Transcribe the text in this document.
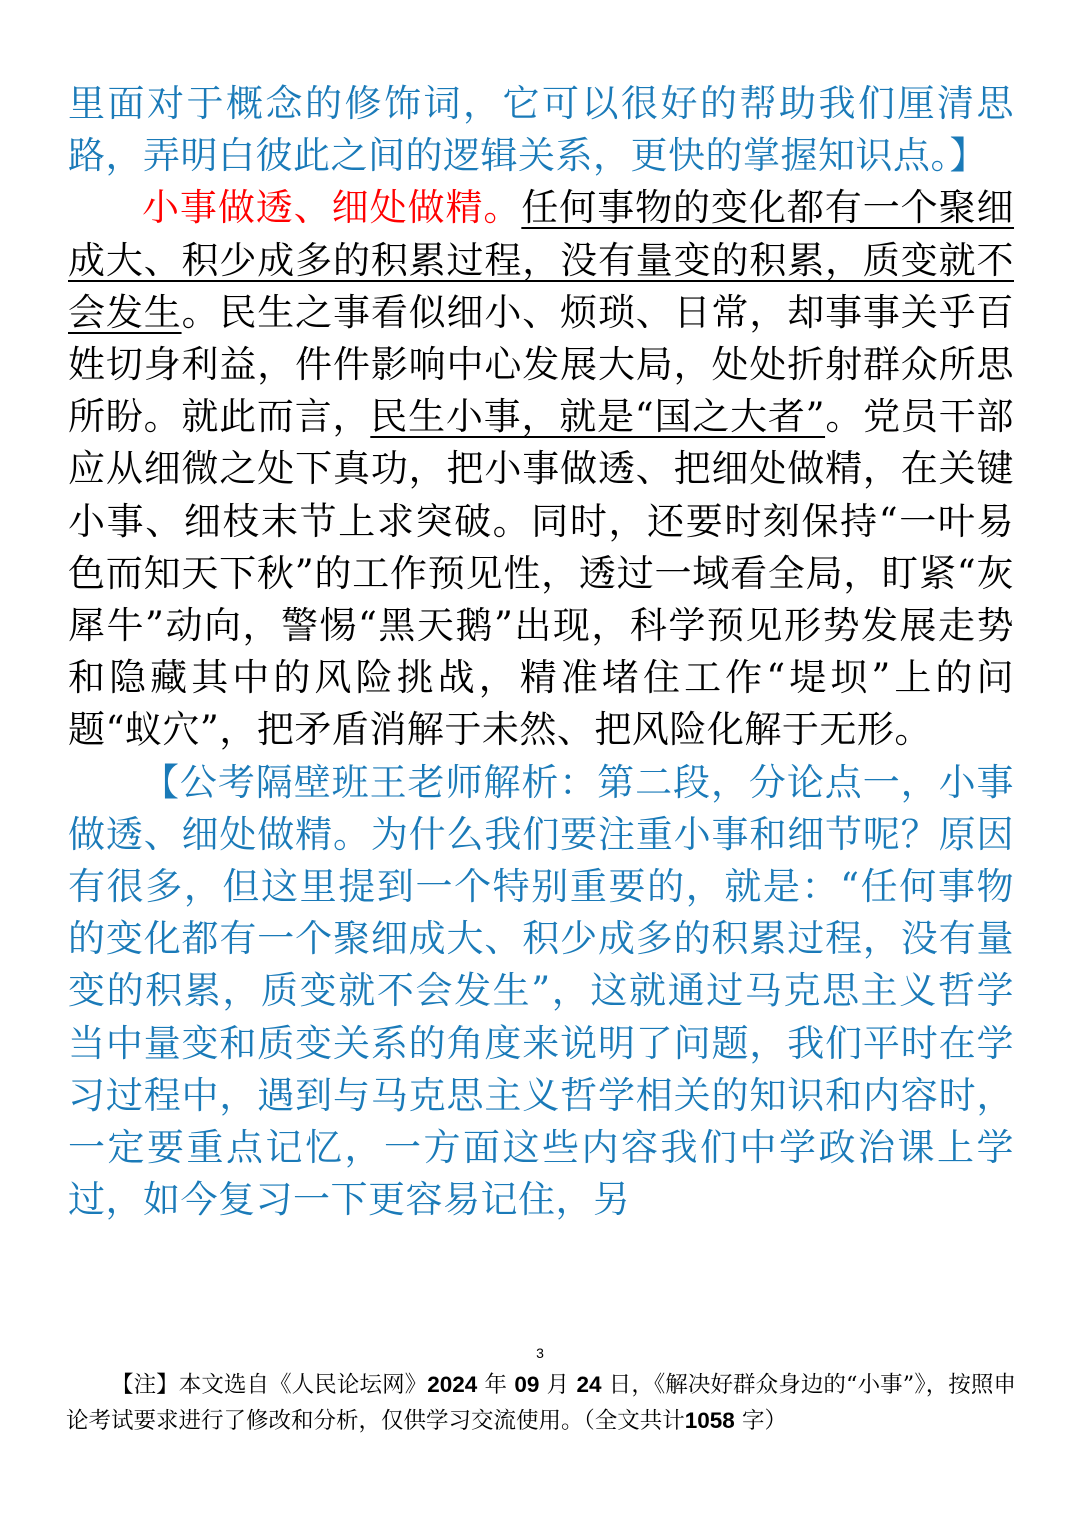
里面对于概念的修饰词，它可以很好的帮助我们厘清思路，弄明白彼此之间的逻辑关系，更快的掌握知识点。】

小事做透、细处做精。任何事物的变化都有一个聚细成大、积少成多的积累过程，没有量变的积累，质变就不会发生。民生之事看似细小、烦琐、日常，却事事关乎百姓切身利益，件件影响中心发展大局，处处折射群众所思所盼。就此而言，民生小事，就是“国之大者”。党员干部应从细微之处下真功，把小事做透、把细处做精，在关键小事、细枝末节上求突破。同时，还要时刻保持“一叶易色而知天下秋”的工作预见性，透过一域看全局，盯紧“灰犀牛”动向，警惕“黑天鹅”出现，科学预见形势发展走势和隐藏其中的风险挑战，精准堵住工作“堤坝”上的问题“蚁穴”，把矛盾消解于未然、把风险化解于无形。

【公考隔壁班王老师解析：第二段，分论点一，小事做透、细处做精。为什么我们要注重小事和细节呢？原因有很多，但这里提到一个特别重要的，就是：“任何事物的变化都有一个聚细成大、积少成多的积累过程，没有量变的积累，质变就不会发生”，这就通过马克思主义哲学当中量变和质变关系的角度来说明了问题，我们平时在学习过程中，遇到与马克思主义哲学相关的知识和内容时，一定要重点记忆，一方面这些内容我们中学政治课上学过，如今复习一下更容易记住，另

3

【注】本文选自《人民论坛网》2024 年 09 月 24 日，《解决好群众身边的“小事”》，按照申论考试要求进行了修改和分析，仅供学习交流使用。（全文共计1058 字）
